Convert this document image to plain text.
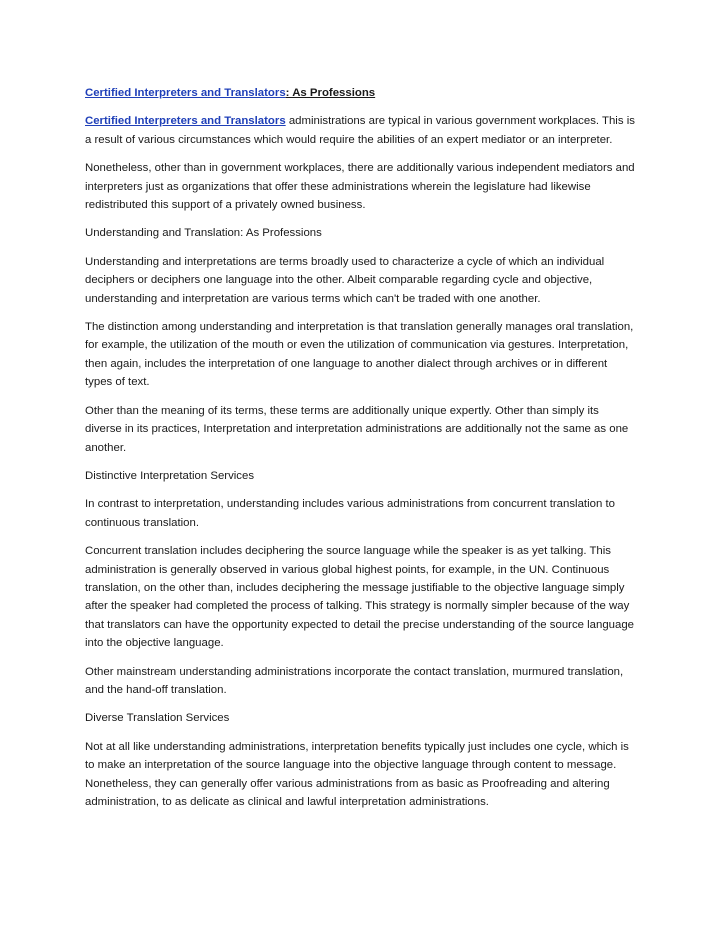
Certified Interpreters and Translators: As Professions

Certified Interpreters and Translators administrations are typical in various government workplaces. This is a result of various circumstances which would require the abilities of an expert mediator or an interpreter.

Nonetheless, other than in government workplaces, there are additionally various independent mediators and interpreters just as organizations that offer these administrations wherein the legislature had likewise redistributed this support of a privately owned business.

Understanding and Translation: As Professions

Understanding and interpretations are terms broadly used to characterize a cycle of which an individual deciphers or deciphers one language into the other. Albeit comparable regarding cycle and objective, understanding and interpretation are various terms which can't be traded with one another.

The distinction among understanding and interpretation is that translation generally manages oral translation, for example, the utilization of the mouth or even the utilization of communication via gestures. Interpretation, then again, includes the interpretation of one language to another dialect through archives or in different types of text.

Other than the meaning of its terms, these terms are additionally unique expertly. Other than simply its diverse in its practices, Interpretation and interpretation administrations are additionally not the same as one another.

Distinctive Interpretation Services

In contrast to interpretation, understanding includes various administrations from concurrent translation to continuous translation.

Concurrent translation includes deciphering the source language while the speaker is as yet talking. This administration is generally observed in various global highest points, for example, in the UN. Continuous translation, on the other than, includes deciphering the message justifiable to the objective language simply after the speaker had completed the process of talking. This strategy is normally simpler because of the way that translators can have the opportunity expected to detail the precise understanding of the source language into the objective language.

Other mainstream understanding administrations incorporate the contact translation, murmured translation, and the hand-off translation.

Diverse Translation Services

Not at all like understanding administrations, interpretation benefits typically just includes one cycle, which is to make an interpretation of the source language into the objective language through content to message. Nonetheless, they can generally offer various administrations from as basic as Proofreading and altering administration, to as delicate as clinical and lawful interpretation administrations.
